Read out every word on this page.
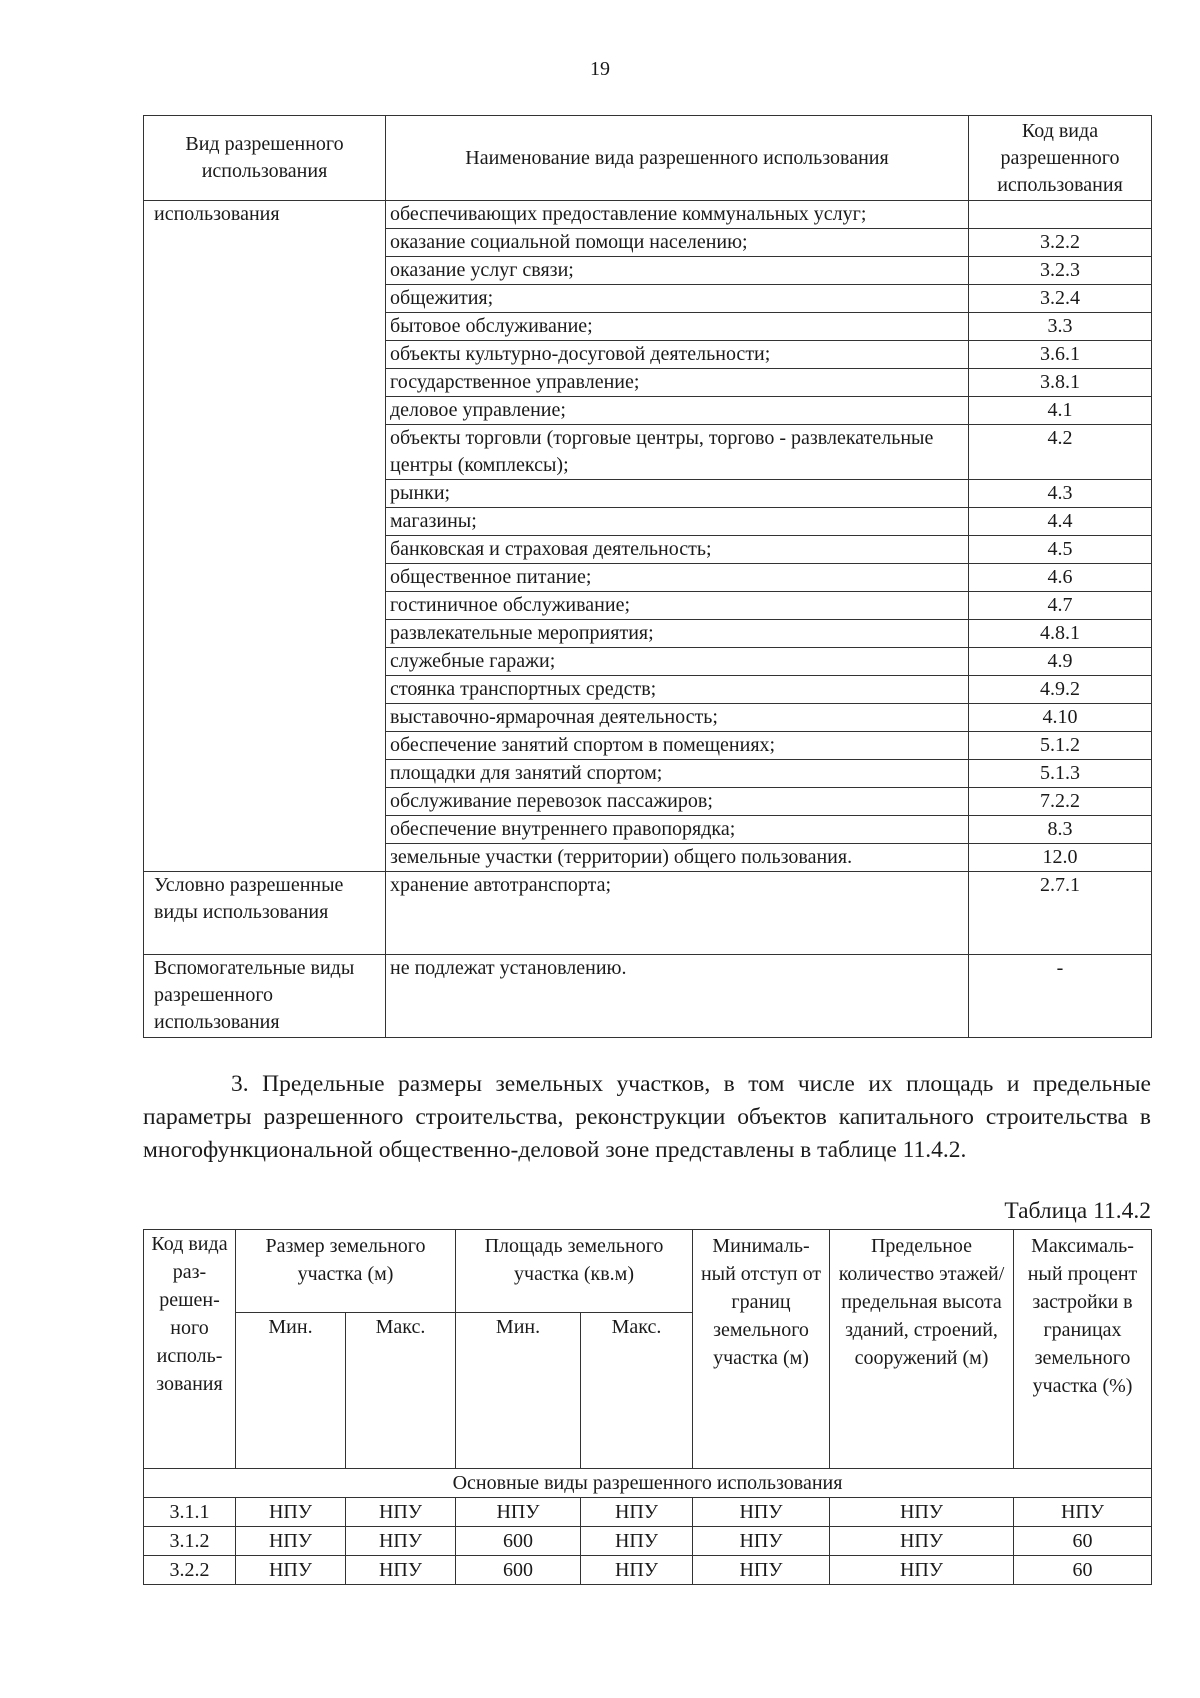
19
Вид разрешенного использования	Наименование вида разрешенного использования	Код вида разрешенного использования
использования	обеспечивающих предоставление коммунальных услуг;	
	оказание социальной помощи населению;	3.2.2
	оказание услуг связи;	3.2.3
	общежития;	3.2.4
	бытовое обслуживание;	3.3
	объекты культурно-досуговой деятельности;	3.6.1
	государственное управление;	3.8.1
	деловое управление;	4.1
	объекты торговли (торговые центры, торгово - развлекательные центры (комплексы);	4.2
	рынки;	4.3
	магазины;	4.4
	банковская и страховая деятельность;	4.5
	общественное питание;	4.6
	гостиничное обслуживание;	4.7
	развлекательные мероприятия;	4.8.1
	служебные гаражи;	4.9
	стоянка транспортных средств;	4.9.2
	выставочно-ярмарочная деятельность;	4.10
	обеспечение занятий спортом в помещениях;	5.1.2
	площадки для занятий спортом;	5.1.3
	обслуживание перевозок пассажиров;	7.2.2
	обеспечение внутреннего правопорядка;	8.3
	земельные участки (территории) общего пользования.	12.0
Условно разрешенные виды использования	хранение автотранспорта;	2.7.1
Вспомогательные виды разрешенного использования	не подлежат установлению.	-

3. Предельные размеры земельных участков, в том числе их площадь и предельные параметры разрешенного строительства, реконструкции объектов капитального строительства в многофункциональной общественно-деловой зоне представлены в таблице 11.4.2.

Таблица 11.4.2
Код вида раз-решен-ного исполь-зования	Размер земельного участка (м)		Площадь земельного участка (кв.м)		Минималь-ный отступ от границ земельного участка (м)	Предельное количество этажей/ предельная высота зданий, строений, сооружений (м)	Максималь-ный процент застройки в границах земельного участка (%)
	Мин.	Макс.	Мин.	Макс.			
Основные виды разрешенного использования							
3.1.1	НПУ	НПУ	НПУ	НПУ	НПУ	НПУ	НПУ
3.1.2	НПУ	НПУ	600	НПУ	НПУ	НПУ	60
3.2.2	НПУ	НПУ	600	НПУ	НПУ	НПУ	60
